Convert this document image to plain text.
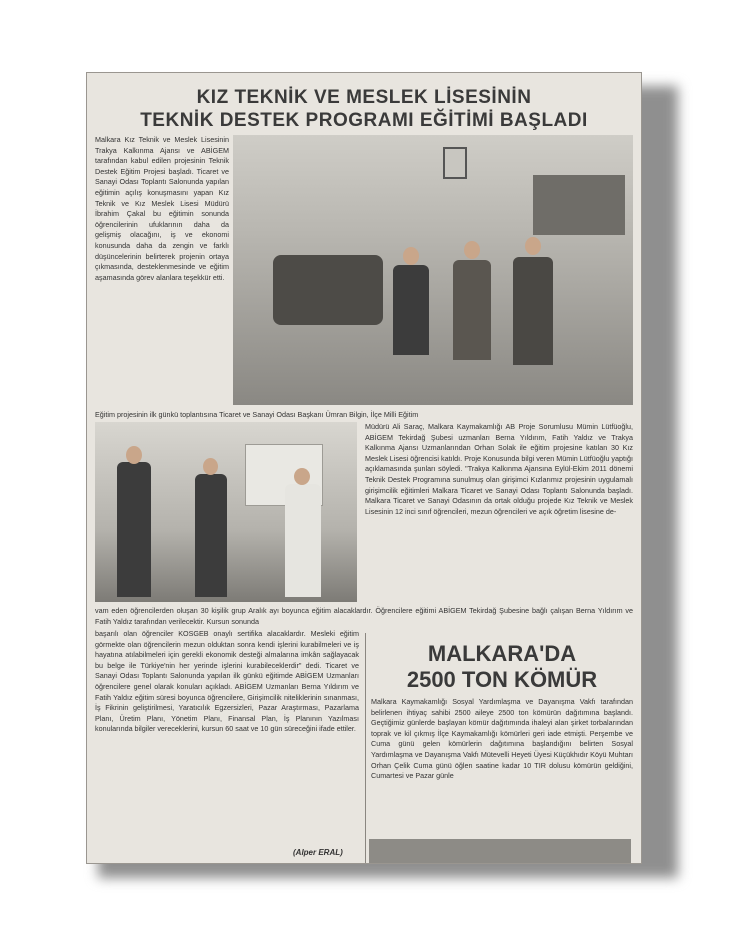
KIZ TEKNİK VE MESLEK LİSESİNİN
TEKNİK DESTEK PROGRAMI EĞİTİMİ BAŞLADI

Malkara Kız Teknik ve Meslek Lisesinin Trakya Kalkınma Ajansı ve ABİGEM tarafından kabul edilen projesinin Teknik Destek Eğitim Projesi başladı. Ticaret ve Sanayi Odası Toplantı Salonunda yapılan eğitimin açılış konuşmasını yapan Kız Teknik ve Kız Meslek Lisesi Müdürü İbrahim Çakal bu eğitimin sonunda öğrencilerinin ufuklarının daha da gelişmiş olacağını, iş ve ekonomi konusunda daha da zengin ve farklı düşüncelerinin belirterek projenin ortaya çıkmasında, desteklenmesinde ve eğitim aşamasında görev alanlara teşekkür etti.

Eğitim projesinin ilk günkü toplantısına Ticaret ve Sanayi Odası Başkanı Ümran Bilgin, İlçe Milli Eğitim

Müdürü Ali Saraç, Malkara Kaymakamlığı AB Proje Sorumlusu Mümin Lütfüoğlu, ABİGEM Tekirdağ Şubesi uzmanları Berna Yıldırım, Fatih Yaldız ve Trakya Kalkınma Ajansı Uzmanlarından Orhan Solak ile eğitim projesine katılan 30 Kız Meslek Lisesi öğrencisi katıldı. Proje Konusunda bilgi veren Mümin Lütfüoğlu yaptığı açıklamasında şunları söyledi. "Trakya Kalkınma Ajansına Eylül-Ekim 2011 dönemi Teknik Destek Programına sunulmuş olan girişimci Kızlarımız projesinin uygulamalı girişimcilik eğitimleri Malkara Ticaret ve Sanayi Odası Toplantı Salonunda başladı. Malkara Ticaret ve Sanayi Odasının da ortak olduğu projede Kız Teknik ve Meslek Lisesinin 12 inci sınıf öğrencileri, mezun öğrencileri ve açık öğretim lisesine de-

vam eden öğrencilerden oluşan 30 kişilik grup Aralık ayı boyunca eğitim alacaklardır. Öğrencilere eğitimi ABİGEM Tekirdağ Şubesine bağlı çalışan Berna Yıldırım ve Fatih Yaldız tarafından verilecektir. Kursun sonunda

başarılı olan öğrenciler KOSGEB onaylı sertifika alacaklardır. Mesleki eğitim görmekte olan öğrencilerin mezun olduktan sonra kendi işlerini kurabilmeleri ve iş hayatına atılabilmeleri için gerekli ekonomik desteği almalarına imkân sağlayacak bu belge ile Türkiye'nin her yerinde işlerini kurabileceklerdir" dedi. Ticaret ve Sanayi Odası Toplantı Salonunda yapılan ilk günkü eğitimde ABİGEM Uzmanları öğrencilere genel olarak konuları açıkladı. ABİGEM Uzmanları Berna Yıldırım ve Fatih Yaldız eğitim süresi boyunca öğrencilere, Girişimcilik niteliklerinin sınanması, İş Fikrinin geliştirilmesi, Yaratıcılık Egzersizleri, Pazar Araştırması, Pazarlama Planı, Üretim Planı, Yönetim Planı, Finansal Plan, İş Planının Yazılması konularında bilgiler vereceklerini, kursun 60 saat ve 10 gün süreceğini ifade ettiler.

(Alper ERAL)
MALKARA'DA
2500 TON KÖMÜR

Malkara Kaymakamlığı Sosyal Yardımlaşma ve Dayanışma Vakfı tarafından belirlenen ihtiyaç sahibi 2500 aileye 2500 ton kömürün dağıtımına başlandı. Geçtiğimiz günlerde başlayan kömür dağıtımında ihaleyi alan şirket torbalarından toprak ve kil çıkmış İlçe Kaymakamlığı kömürleri geri iade etmişti. Perşembe ve Cuma günü gelen kömürlerin dağıtımına başlandığını belirten Sosyal Yardımlaşma ve Dayanışma Vakfı Mütevelli Heyeti Üyesi Küçükhıdır Köyü Muhtarı Orhan Çelik Cuma günü öğlen saatine kadar 10 TIR dolusu kömürün geldiğini, Cumartesi ve Pazar günle
